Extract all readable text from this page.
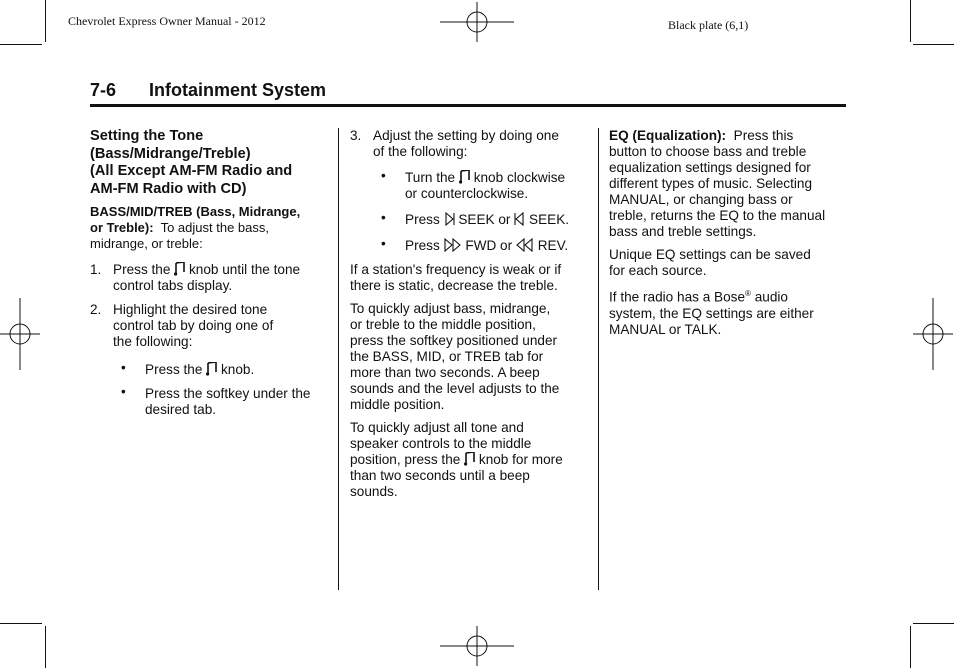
Chevrolet Express Owner Manual - 2012	Black plate (6,1)
7-6 Infotainment System
Setting the Tone
(Bass/Midrange/Treble)
(All Except AM-FM Radio and
AM-FM Radio with CD)

BASS/MID/TREB (Bass, Midrange,
or Treble): To adjust the bass,
midrange, or treble:

1. Press the knob until the tone
control tabs display.
2. Highlight the desired tone
control tab by doing one of
the following:
• Press the knob.
• Press the softkey under the
desired tab.
3. Adjust the setting by doing one
of the following:
• Turn the knob clockwise
or counterclockwise.
• Press SEEK or SEEK.
• Press FWD or REV.

If a station's frequency is weak or if
there is static, decrease the treble.

To quickly adjust bass, midrange,
or treble to the middle position,
press the softkey positioned under
the BASS, MID, or TREB tab for
more than two seconds. A beep
sounds and the level adjusts to the
middle position.

To quickly adjust all tone and
speaker controls to the middle
position, press the knob for more
than two seconds until a beep
sounds.

EQ (Equalization): Press this
button to choose bass and treble
equalization settings designed for
different types of music. Selecting
MANUAL, or changing bass or
treble, returns the EQ to the manual
bass and treble settings.

Unique EQ settings can be saved
for each source.

If the radio has a Bose® audio
system, the EQ settings are either
MANUAL or TALK.
